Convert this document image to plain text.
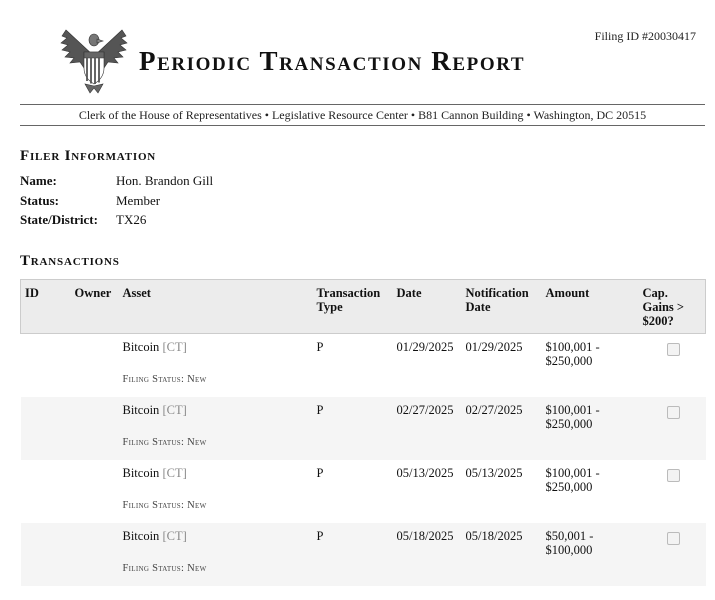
Filing ID #20030417
Periodic Transaction Report
Clerk of the House of Representatives • Legislative Resource Center • B81 Cannon Building • Washington, DC 20515
Filer Information
Name:	Hon. Brandon Gill
Status:	Member
State/District:	TX26
Transactions
ID	Owner	Asset	Transaction Type	Date	Notification Date	Amount	Cap. Gains > $200?
		Bitcoin [CT]	P	01/29/2025	01/29/2025	$100,001 - $250,000	
		Filing Status: New					
		Bitcoin [CT]	P	02/27/2025	02/27/2025	$100,001 - $250,000	
		Filing Status: New					
		Bitcoin [CT]	P	05/13/2025	05/13/2025	$100,001 - $250,000	
		Filing Status: New					
		Bitcoin [CT]	P	05/18/2025	05/18/2025	$50,001 - $100,000	
		Filing Status: New					
